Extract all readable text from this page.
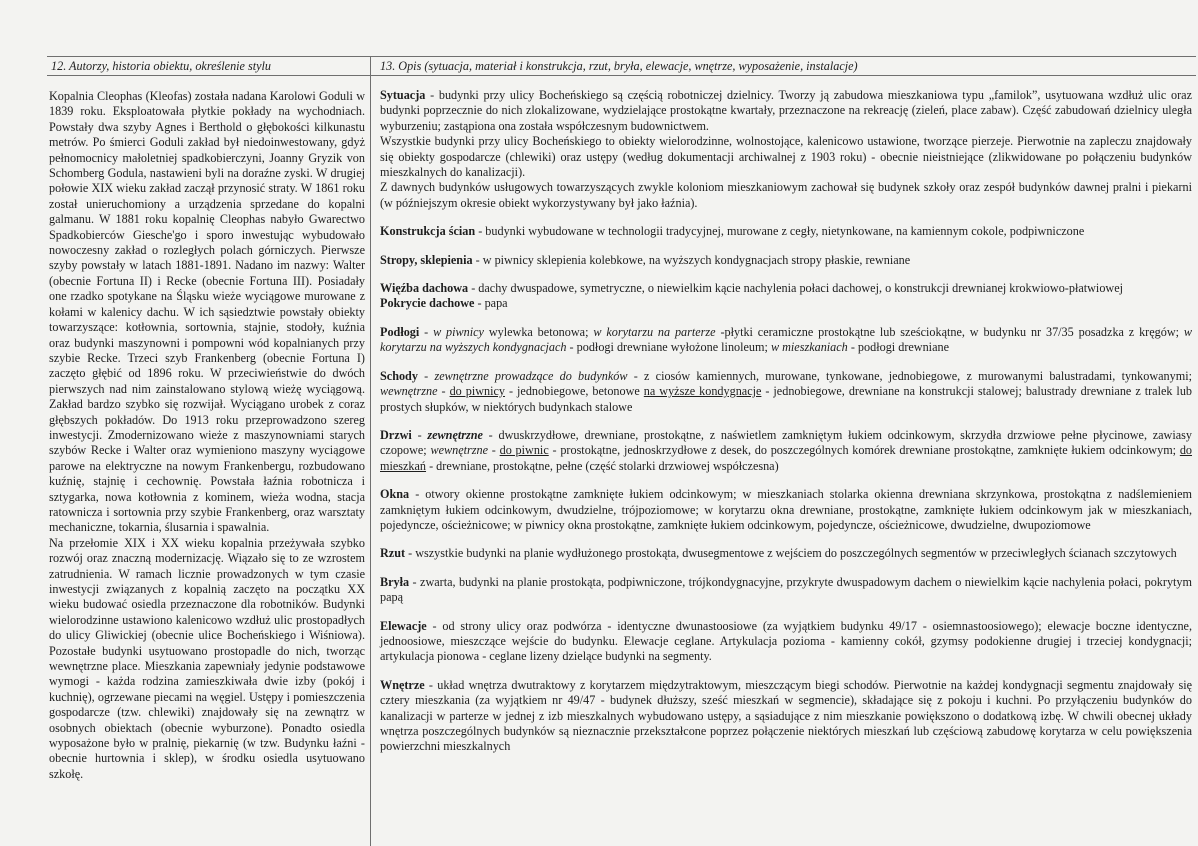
12. Autorzy, historia obiektu, określenie stylu	13. Opis (sytuacja, materiał i konstrukcja, rzut, bryła, elewacje, wnętrze, wyposażenie, instalacje)

Kopalnia Cleophas (Kleofas) została nadana Karolowi Goduli w 1839 roku. Eksploatowała płytkie pokłady na wychodniach. Powstały dwa szyby Agnes i Berthold o głębokości kilkunastu metrów. Po śmierci Goduli zakład był niedoinwestowany, gdyż pełnomocnicy małoletniej spadkobierczyni, Joanny Gryzik von Schomberg Godula, nastawieni byli na doraźne zyski. W drugiej połowie XIX wieku zakład zaczął przynosić straty. W 1861 roku został unieruchomiony a urządzenia sprzedane do kopalni galmanu. W 1881 roku kopalnię Cleophas nabyło Gwarectwo Spadkobierców Giesche'go i sporo inwestując wybudowało nowoczesny zakład o rozległych polach górniczych. Pierwsze szyby powstały w latach 1881-1891. Nadano im nazwy: Walter (obecnie Fortuna II) i Recke (obecnie Fortuna III). Posiadały one rzadko spotykane na Śląsku wieże wyciągowe murowane z kołami w kalenicy dachu. W ich sąsiedztwie powstały obiekty towarzyszące: kotłownia, sortownia, stajnie, stodoły, kuźnia oraz budynki maszynowni i pompowni wód kopalnianych przy szybie Recke. Trzeci szyb Frankenberg (obecnie Fortuna I) zaczęto głębić od 1896 roku. W przeciwieństwie do dwóch pierwszych nad nim zainstalowano stylową wieżę wyciągową. Zakład bardzo szybko się rozwijał. Wyciągano urobek z coraz głębszych pokładów. Do 1913 roku przeprowadzono szereg inwestycji. Zmodernizowano wieże z maszynowniami starych szybów Recke i Walter oraz wymieniono maszyny wyciągowe parowe na elektryczne na nowym Frankenbergu, rozbudowano kuźnię, stajnię i cechownię. Powstała łaźnia robotnicza i sztygarka, nowa kotłownia z kominem, wieża wodna, stacja ratownicza i sortownia przy szybie Frankenberg, oraz warsztaty mechaniczne, tokarnia, ślusarnia i spawalnia.

Na przełomie XIX i XX wieku kopalnia przeżywała szybko rozwój oraz znaczną modernizację. Wiązało się to ze wzrostem zatrudnienia. W ramach licznie prowadzonych w tym czasie inwestycji związanych z kopalnią zaczęto na początku XX wieku budować osiedla przeznaczone dla robotników. Budynki wielorodzinne ustawiono kalenicowo wzdłuż ulic prostopadłych do ulicy Gliwickiej (obecnie ulice Bocheńskiego i Wiśniowa). Pozostałe budynki usytuowano prostopadle do nich, tworząc wewnętrzne place. Mieszkania zapewniały jedynie podstawowe wymogi - każda rodzina zamieszkiwała dwie izby (pokój i kuchnię), ogrzewane piecami na węgiel. Ustępy i pomieszczenia gospodarcze (tzw. chlewiki) znajdowały się na zewnątrz w osobnych obiektach (obecnie wyburzone). Ponadto osiedla wyposażone było w pralnię, piekarnię (w tzw. Budynku łaźni - obecnie hurtownia i sklep), w środku osiedla usytuowano szkołę.

Sytuacja - budynki przy ulicy Bocheńskiego są częścią robotniczej dzielnicy. Tworzy ją zabudowa mieszkaniowa typu „familok”, usytuowana wzdłuż ulic oraz budynki poprzecznie do nich zlokalizowane, wydzielające prostokątne kwartały, przeznaczone na rekreację (zieleń, place zabaw). Część zabudowań dzielnicy uległa wyburzeniu; zastąpiona ona została współczesnym budownictwem.

Wszystkie budynki przy ulicy Bocheńskiego to obiekty wielorodzinne, wolnostojące, kalenicowo ustawione, tworzące pierzeje. Pierwotnie na zapleczu znajdowały się obiekty gospodarcze (chlewiki) oraz ustępy (według dokumentacji archiwalnej z 1903 roku) - obecnie nieistniejące (zlikwidowane po połączeniu budynków mieszkalnych do kanalizacji).

Z dawnych budynków usługowych towarzyszących zwykle koloniom mieszkaniowym zachował się budynek szkoły oraz zespół budynków dawnej pralni i piekarni (w późniejszym okresie obiekt wykorzystywany był jako łaźnia).

Konstrukcja ścian - budynki wybudowane w technologii tradycyjnej, murowane z cegły, nietynkowane, na kamiennym cokole, podpiwniczone

Stropy, sklepienia - w piwnicy sklepienia kolebkowe, na wyższych kondygnacjach stropy płaskie, rewniane

Więźba dachowa - dachy dwuspadowe, symetryczne, o niewielkim kącie nachylenia połaci dachowej, o konstrukcji drewnianej krokwiowo-płatwiowej

Pokrycie dachowe - papa

Podłogi - w piwnicy wylewka betonowa; w korytarzu na parterze -płytki ceramiczne prostokątne lub sześciokątne, w budynku nr 37/35 posadzka z kręgów; w korytarzu na wyższych kondygnacjach - podłogi drewniane wyłożone linoleum; w mieszkaniach - podłogi drewniane

Schody - zewnętrzne prowadzące do budynków - z ciosów kamiennych, murowane, tynkowane, jednobiegowe, z murowanymi balustradami, tynkowanymi; wewnętrzne - do piwnicy - jednobiegowe, betonowe na wyższe kondygnacje - jednobiegowe, drewniane na konstrukcji stalowej; balustrady drewniane z tralek lub prostych słupków, w niektórych budynkach stalowe

Drzwi - zewnętrzne - dwuskrzydłowe, drewniane, prostokątne, z naświetlem zamkniętym łukiem odcinkowym, skrzydła drzwiowe pełne płycinowe, zawiasy czopowe; wewnętrzne - do piwnic - prostokątne, jednoskrzydłowe z desek, do poszczególnych komórek drewniane prostokątne, zamknięte łukiem odcinkowym; do mieszkań - drewniane, prostokątne, pełne (część stolarki drzwiowej współczesna)

Okna - otwory okienne prostokątne zamknięte łukiem odcinkowym; w mieszkaniach stolarka okienna drewniana skrzynkowa, prostokątna z nadślemieniem zamkniętym łukiem odcinkowym, dwudzielne, trójpoziomowe; w korytarzu okna drewniane, prostokątne, zamknięte łukiem odcinkowym jak w mieszkaniach, pojedyncze, ościeżnicowe; w piwnicy okna prostokątne, zamknięte łukiem odcinkowym, pojedyncze, ościeżnicowe, dwudzielne, dwupoziomowe

Rzut - wszystkie budynki na planie wydłużonego prostokąta, dwusegmentowe z wejściem do poszczególnych segmentów w przeciwległych ścianach szczytowych

Bryła - zwarta, budynki na planie prostokąta, podpiwniczone, trójkondygnacyjne, przykryte dwuspadowym dachem o niewielkim kącie nachylenia połaci, pokrytym papą

Elewacje - od strony ulicy oraz podwórza - identyczne dwunastoosiowe (za wyjątkiem budynku 49/17 - osiemnastoosiowego); elewacje boczne identyczne, jednoosiowe, mieszczące wejście do budynku. Elewacje ceglane. Artykulacja pozioma - kamienny cokół, gzymsy podokienne drugiej i trzeciej kondygnacji; artykulacja pionowa - ceglane lizeny dzielące budynki na segmenty.

Wnętrze - układ wnętrza dwutraktowy z korytarzem międzytraktowym, mieszczącym biegi schodów. Pierwotnie na każdej kondygnacji segmentu znajdowały się cztery mieszkania (za wyjątkiem nr 49/47 - budynek dłuższy, sześć mieszkań w segmencie), składające się z pokoju i kuchni. Po przyłączeniu budynków do kanalizacji w parterze w jednej z izb mieszkalnych wybudowano ustępy, a sąsiadujące z nim mieszkanie powiększono o dodatkową izbę. W chwili obecnej układy wnętrza poszczególnych budynków są nieznacznie przekształcone poprzez połączenie niektórych mieszkań lub częściową zabudowę korytarza w celu powiększenia powierzchni mieszkalnych
